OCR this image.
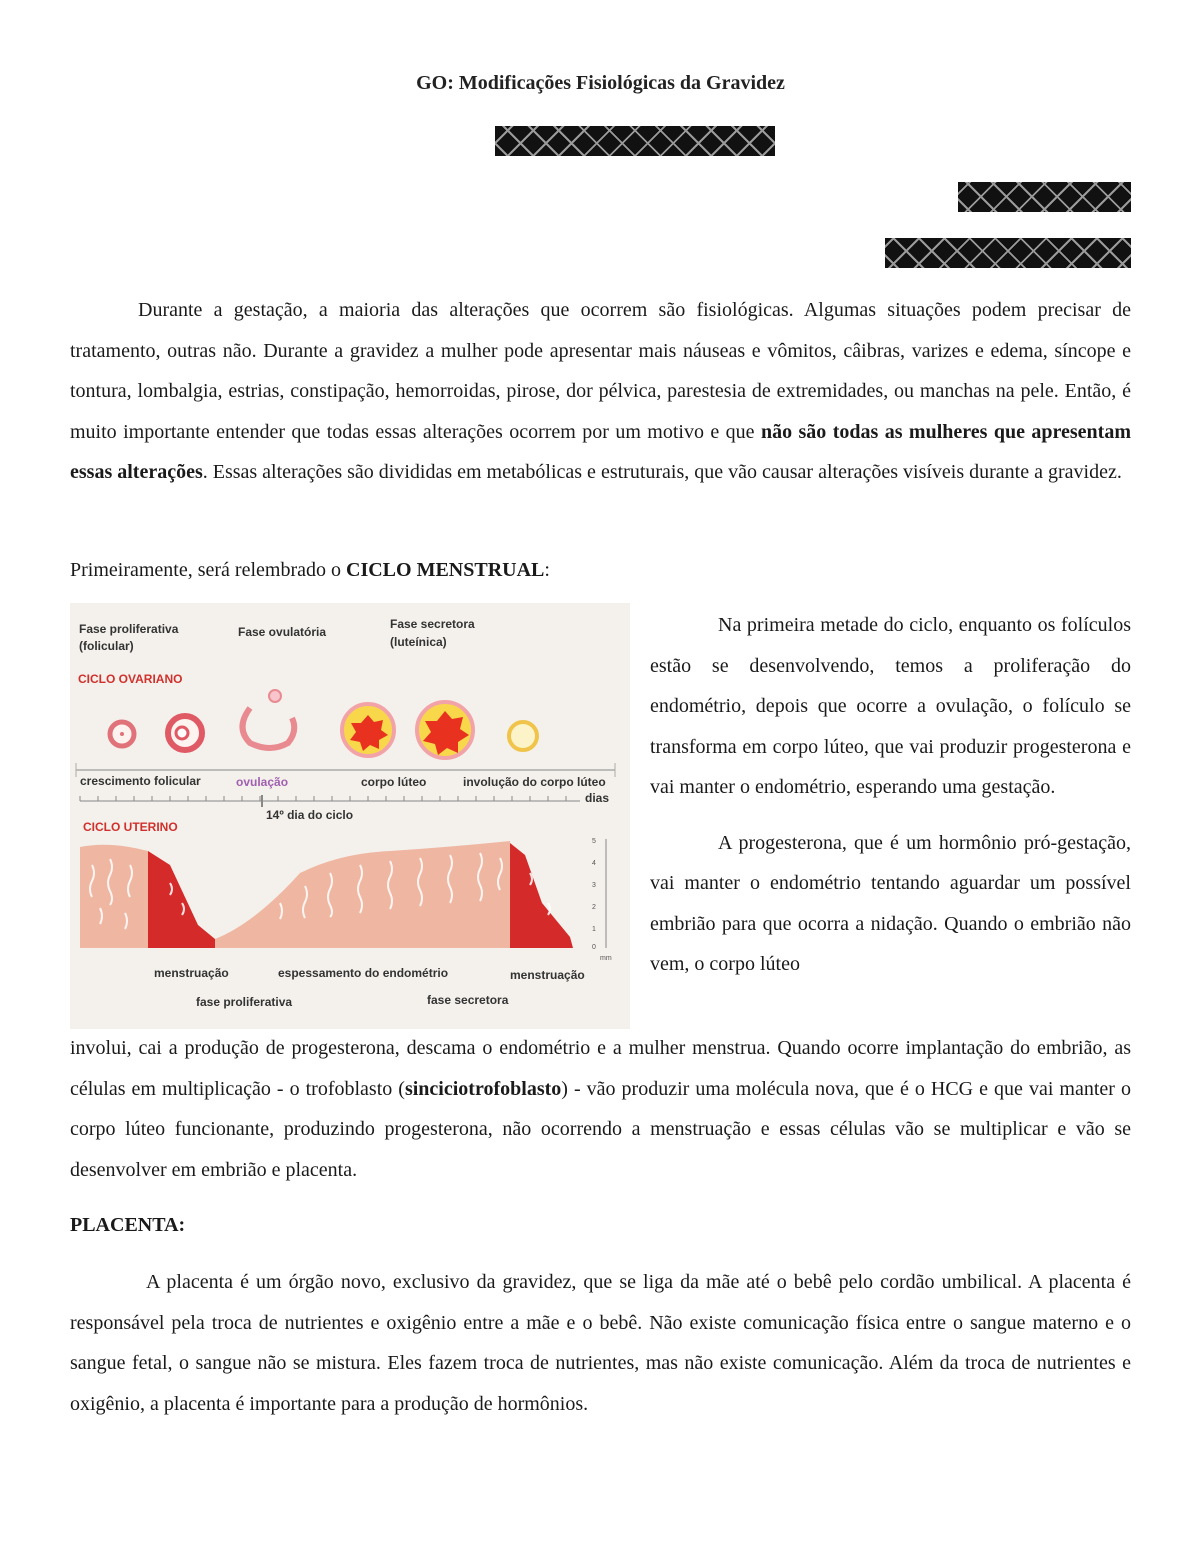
GO: Modificações Fisiológicas da Gravidez

Durante a gestação, a maioria das alterações que ocorrem são fisiológicas. Algumas situações podem precisar de tratamento, outras não. Durante a gravidez a mulher pode apresentar mais náuseas e vômitos, câibras, varizes e edema, síncope e tontura, lombalgia, estrias, constipação, hemorroidas, pirose, dor pélvica, parestesia de extremidades, ou manchas na pele. Então, é muito importante entender que todas essas alterações ocorrem por um motivo e que não são todas as mulheres que apresentam essas alterações. Essas alterações são divididas em metabólicas e estruturais, que vão causar alterações visíveis durante a gravidez.

Primeiramente, será relembrado o CICLO MENSTRUAL:

Fase proliferativa
(folicular)
Fase ovulatória
Fase secretora
(luteínica)
CICLO OVARIANO
crescimento folicular	ovulação	corpo lúteo	involução do corpo lúteo
dias
14º dia do ciclo
CICLO UTERINO
5
4
3
2
1
0
mm
menstruação	espessamento do endométrio	menstruação
fase proliferativa	fase secretora

Na primeira metade do ciclo, enquanto os folículos estão se desenvolvendo, temos a proliferação do endométrio, depois que ocorre a ovulação, o folículo se transforma em corpo lúteo, que vai produzir progesterona e vai manter o endométrio, esperando uma gestação.

A progesterona, que é um hormônio pró-gestação, vai manter o endométrio tentando aguardar um possível embrião para que ocorra a nidação. Quando o embrião não vem, o corpo lúteo

involui, cai a produção de progesterona, descama o endométrio e a mulher menstrua. Quando ocorre implantação do embrião, as células em multiplicação - o trofoblasto (sinciciotrofoblasto) - vão produzir uma molécula nova, que é o HCG e que vai manter o corpo lúteo funcionante, produzindo progesterona, não ocorrendo a menstruação e essas células vão se multiplicar e vão se desenvolver em embrião e placenta.

PLACENTA:

A placenta é um órgão novo, exclusivo da gravidez, que se liga da mãe até o bebê pelo cordão umbilical. A placenta é responsável pela troca de nutrientes e oxigênio entre a mãe e o bebê. Não existe comunicação física entre o sangue materno e o sangue fetal, o sangue não se mistura. Eles fazem troca de nutrientes, mas não existe comunicação. Além da troca de nutrientes e oxigênio, a placenta é importante para a produção de hormônios.
